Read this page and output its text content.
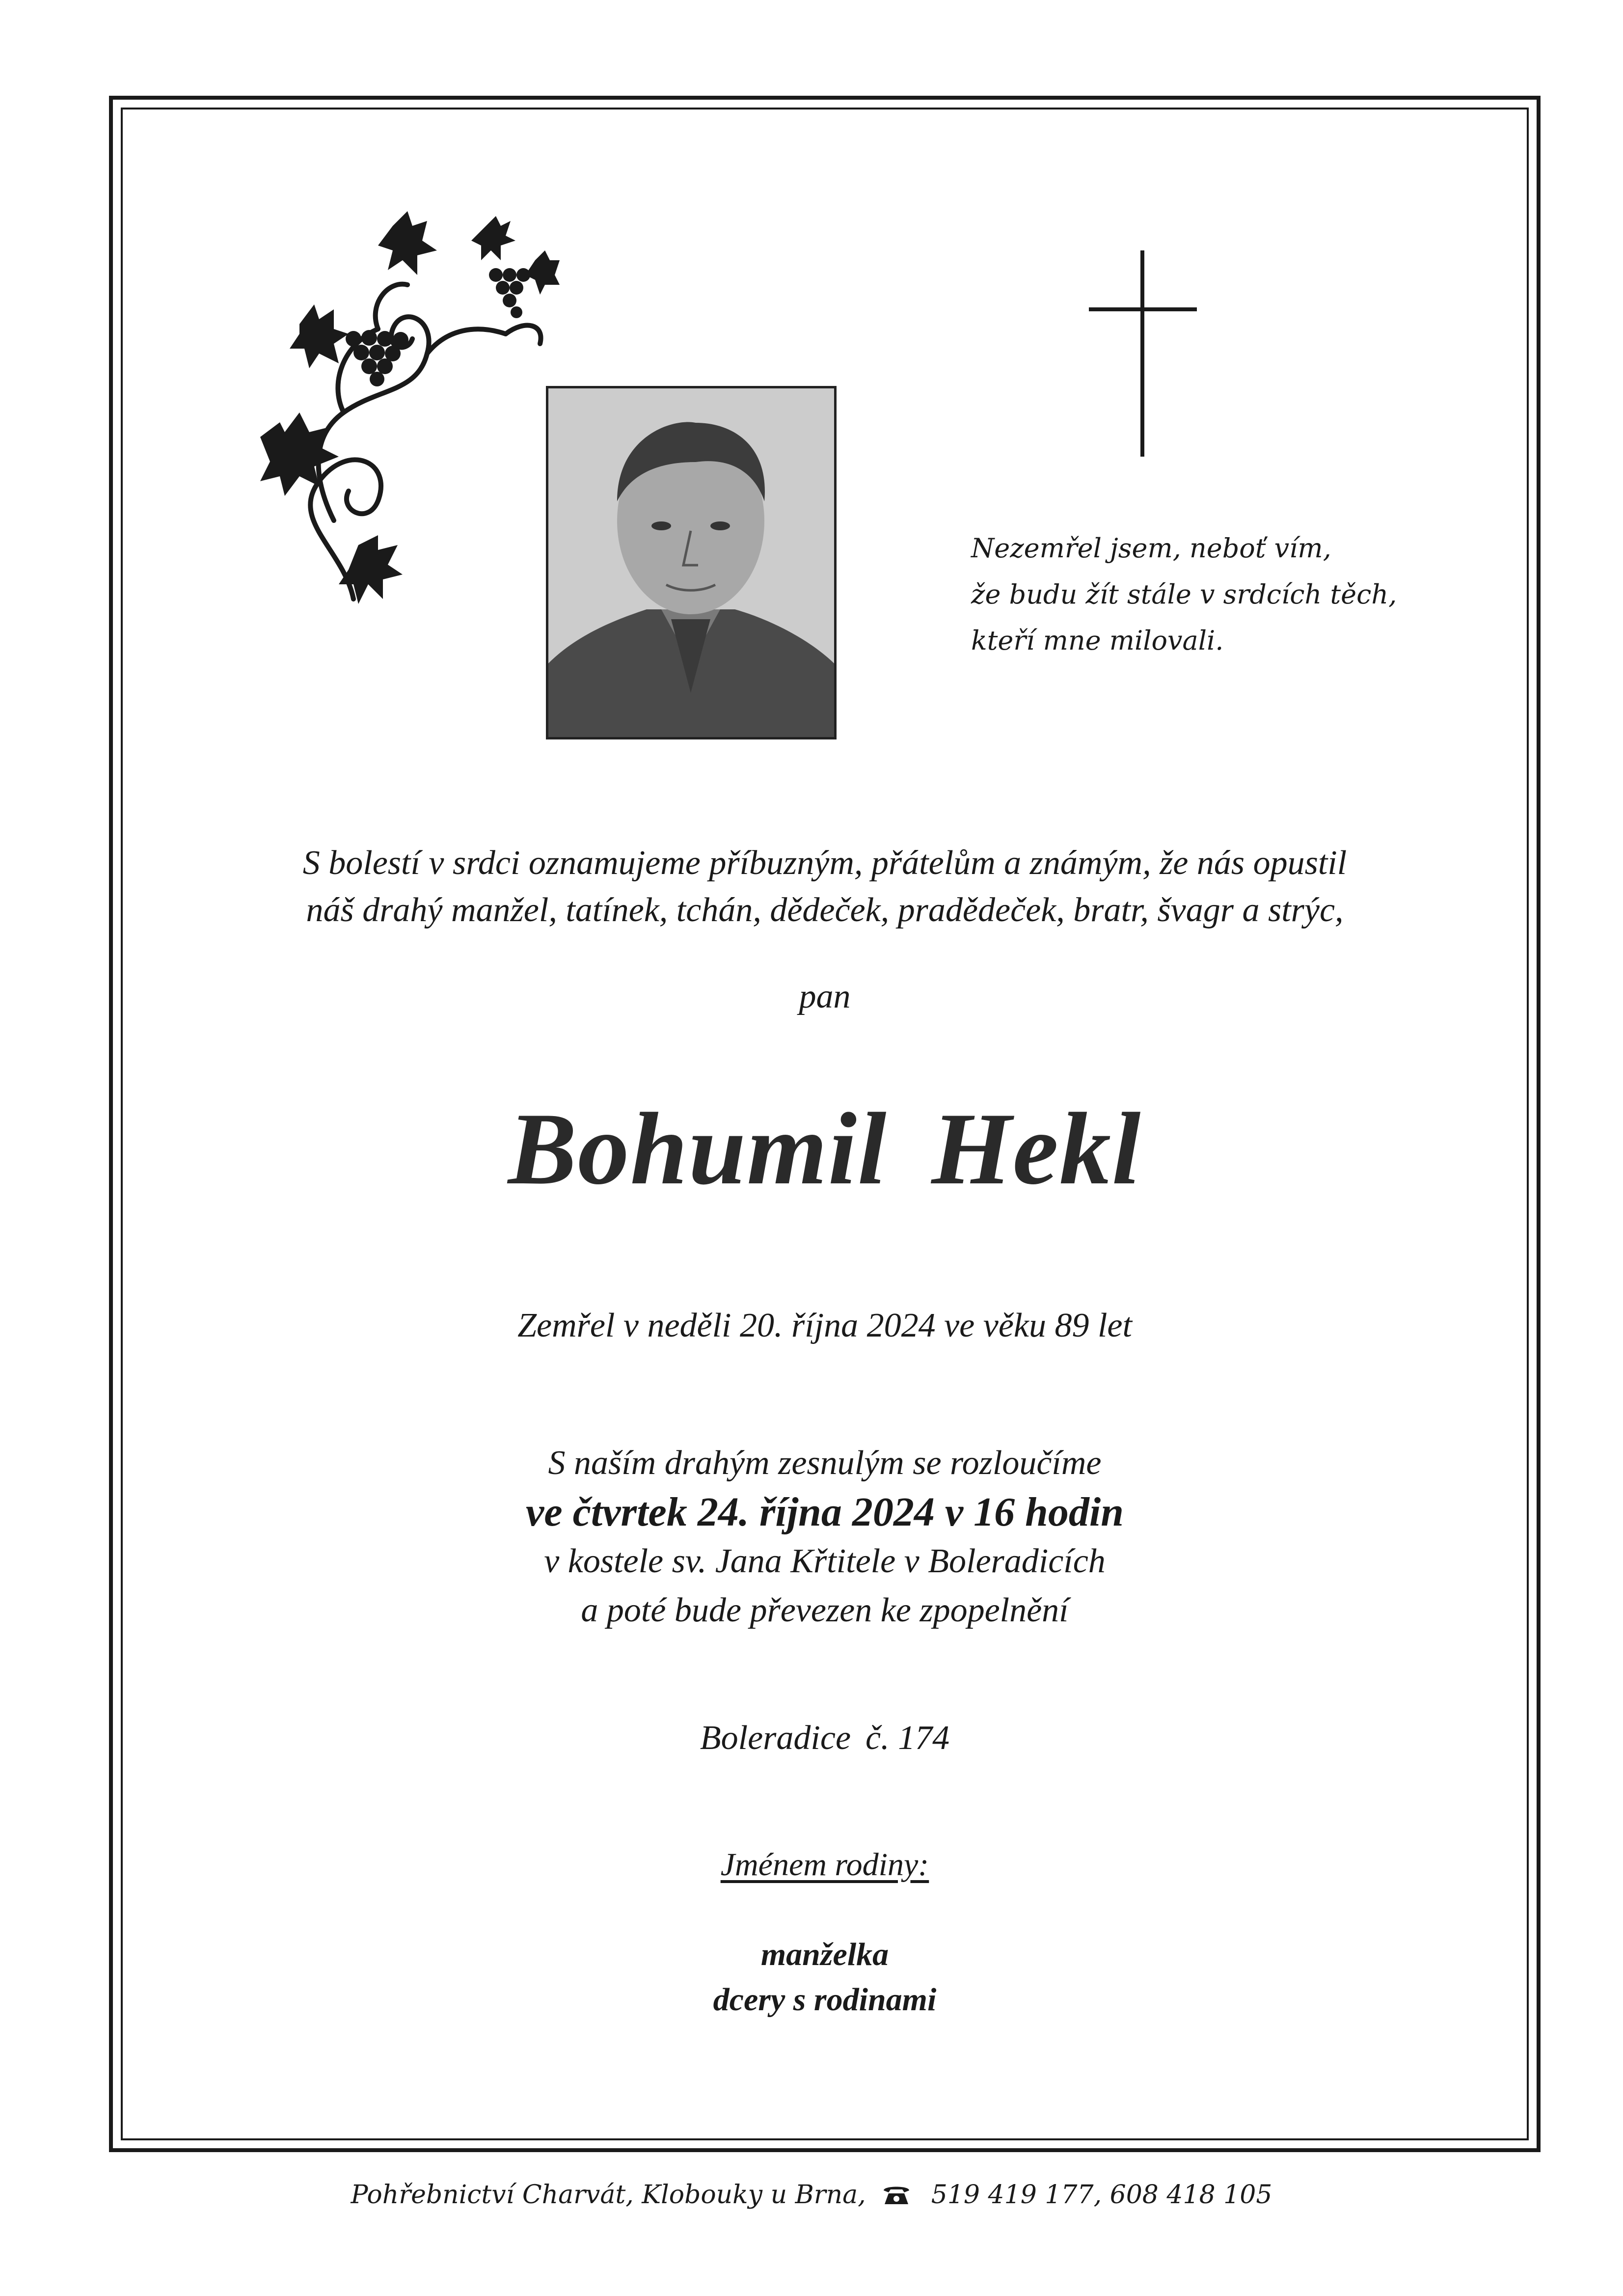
Nezemřel jsem, neboť vím,
že budu žít stále v srdcích těch,
kteří mne milovali.
S bolestí v srdci oznamujeme příbuzným, přátelům a známým, že nás opustil
náš drahý manžel, tatínek, tchán, dědeček, pradědeček, bratr, švagr a strýc,
pan
Bohumil Hekl
Zemřel v neděli 20. října 2024 ve věku 89 let
S naším drahým zesnulým se rozloučíme
ve čtvrtek 24. října 2024 v 16 hodin
v kostele sv. Jana Křtitele v Boleradicích
a poté bude převezen ke zpopelnění
Boleradice č. 174
Jménem rodiny:
manželka
dcery s rodinami
Pohřebnictví Charvát, Klobouky u Brna,	519 419 177, 608 418 105
